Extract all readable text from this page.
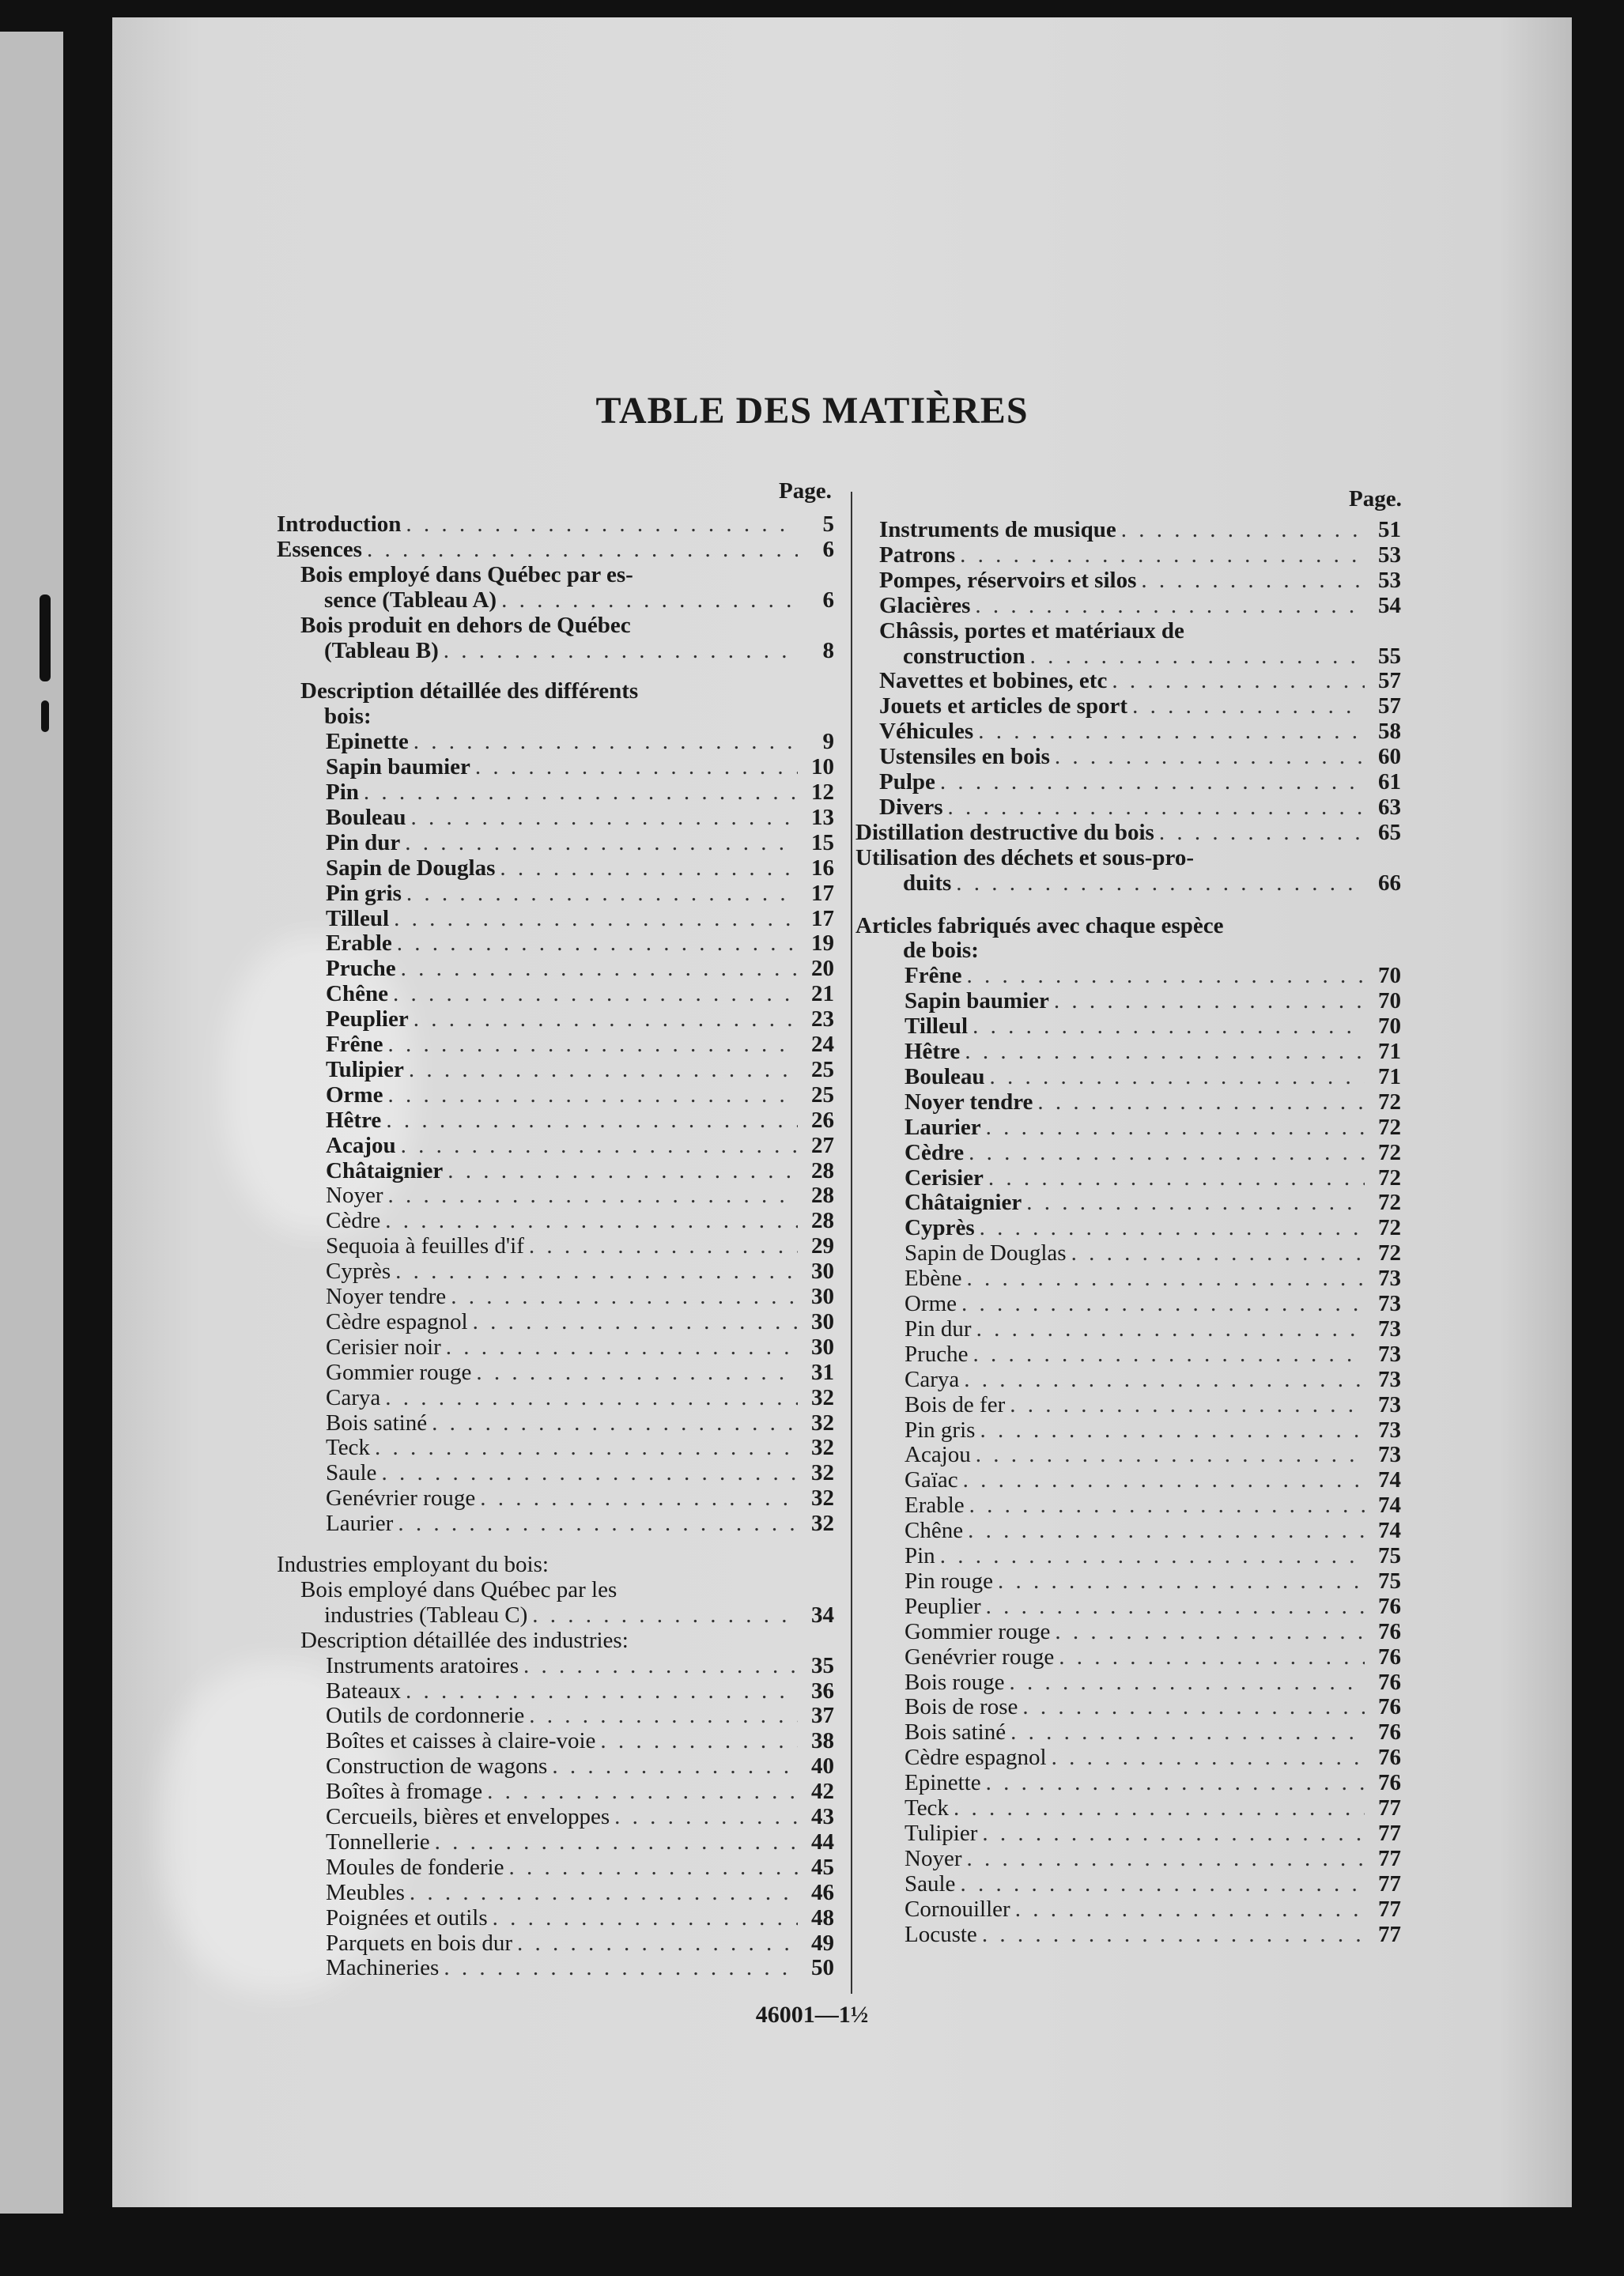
TABLE DES MATIÈRES
Page.	Page.
Introduction . . .	5
Essences . . .	6
Bois employé dans Québec par es-
sence (Tableau A) . . .	6
Bois produit en dehors de Québec
(Tableau B) . . .	8
Description détaillée des différents
bois:
Epinette . . .	9
Sapin baumier . . .	10
Pin . . .	12
Bouleau . . .	13
Pin dur . . .	15
Sapin de Douglas . . .	16
Pin gris . . .	17
Tilleul . . .	17
Erable . . .	19
Pruche . . .	20
Chêne . . .	21
Peuplier . . .	23
Frêne . . .	24
Tulipier . . .	25
Orme . . .	25
Hêtre . . .	26
Acajou . . .	27
Châtaignier . . .	28
Noyer . . .	28
Cèdre . . .	28
Sequoia à feuilles d'if . . .	29
Cyprès . . .	30
Noyer tendre . . .	30
Cèdre espagnol . . .	30
Cerisier noir . . .	30
Gommier rouge . . .	31
Carya . . .	32
Bois satiné . . .	32
Teck . . .	32
Saule . . .	32
Genévrier rouge . . .	32
Laurier . . .	32
Industries employant du bois:
Bois employé dans Québec par les
industries (Tableau C) . . .	34
Description détaillée des industries:
Instruments aratoires . . .	35
Bateaux . . .	36
Outils de cordonnerie . . .	37
Boîtes et caisses à claire-voie . . .	38
Construction de wagons . . .	40
Boîtes à fromage . . .	42
Cercueils, bières et enveloppes . . .	43
Tonnellerie . . .	44
Moules de fonderie . . .	45
Meubles . . .	46
Poignées et outils . . .	48
Parquets en bois dur . . .	49
Machineries . . .	50
Instruments de musique . . .	51
Patrons . . .	53
Pompes, réservoirs et silos . . .	53
Glacières . . .	54
Châssis, portes et matériaux de
construction . . .	55
Navettes et bobines, etc . . .	57
Jouets et articles de sport . . .	57
Véhicules . . .	58
Ustensiles en bois . . .	60
Pulpe . . .	61
Divers . . .	63
Distillation destructive du bois . . .	65
Utilisation des déchets et sous-pro-
duits . . .	66
Articles fabriqués avec chaque espèce
de bois:
Frêne . . .	70
Sapin baumier . . .	70
Tilleul . . .	70
Hêtre . . .	71
Bouleau . . .	71
Noyer tendre . . .	72
Laurier . . .	72
Cèdre . . .	72
Cerisier . . .	72
Châtaignier . . .	72
Cyprès . . .	72
Sapin de Douglas . . .	72
Ebène . . .	73
Orme . . .	73
Pin dur . . .	73
Pruche . . .	73
Carya . . .	73
Bois de fer . . .	73
Pin gris . . .	73
Acajou . . .	73
Gaïac . . .	74
Erable . . .	74
Chêne . . .	74
Pin . . .	75
Pin rouge . . .	75
Peuplier . . .	76
Gommier rouge . . .	76
Genévrier rouge . . .	76
Bois rouge . . .	76
Bois de rose . . .	76
Bois satiné . . .	76
Cèdre espagnol . . .	76
Epinette . . .	76
Teck . . .	77
Tulipier . . .	77
Noyer . . .	77
Saule . . .	77
Cornouiller . . .	77
Locuste . . .	77
46001—1½
